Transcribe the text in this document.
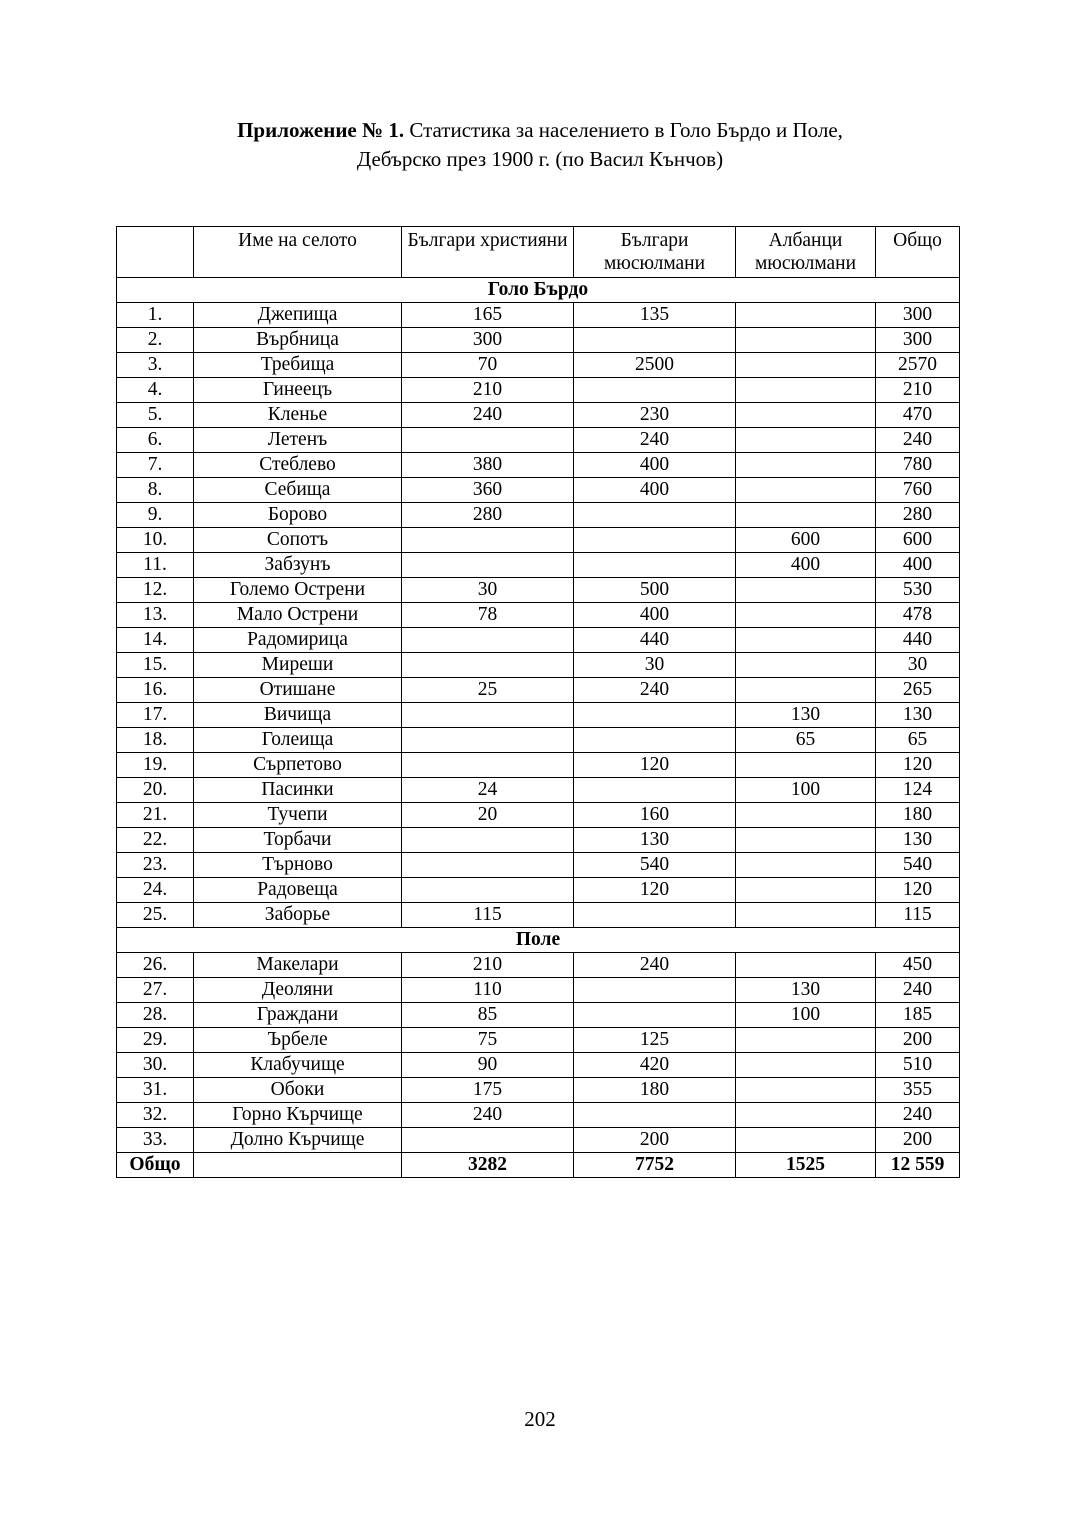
Приложение № 1. Статистика за населението в Голо Бърдо и Поле,
Дебърско през 1900 г. (по Васил Кънчов)
	Име на селото	Българи християни	Българи мюсюлмани	Албанци мюсюлмани	Общо
Голо Бърдо					
1.	Джепища	165	135		300
2.	Върбница	300			300
3.	Требища	70	2500		2570
4.	Гинеецъ	210			210
5.	Кленье	240	230		470
6.	Летенъ		240		240
7.	Стеблево	380	400		780
8.	Себища	360	400		760
9.	Борово	280			280
10.	Сопотъ			600	600
11.	Забзунъ			400	400
12.	Големо Острени	30	500		530
13.	Мало Острени	78	400		478
14.	Радомирица		440		440
15.	Миреши		30		30
16.	Отишане	25	240		265
17.	Вичища			130	130
18.	Голеища			65	65
19.	Сърпетово		120		120
20.	Пасинки	24		100	124
21.	Тучепи	20	160		180
22.	Торбачи		130		130
23.	Търново		540		540
24.	Радовеща		120		120
25.	Заборье	115			115
Поле					
26.	Макелари	210	240		450
27.	Деоляни	110		130	240
28.	Граждани	85		100	185
29.	Ърбеле	75	125		200
30.	Клабучище	90	420		510
31.	Обоки	175	180		355
32.	Горно Кърчище	240			240
33.	Долно Кърчище		200		200
Общо		3282	7752	1525	12 559
202
